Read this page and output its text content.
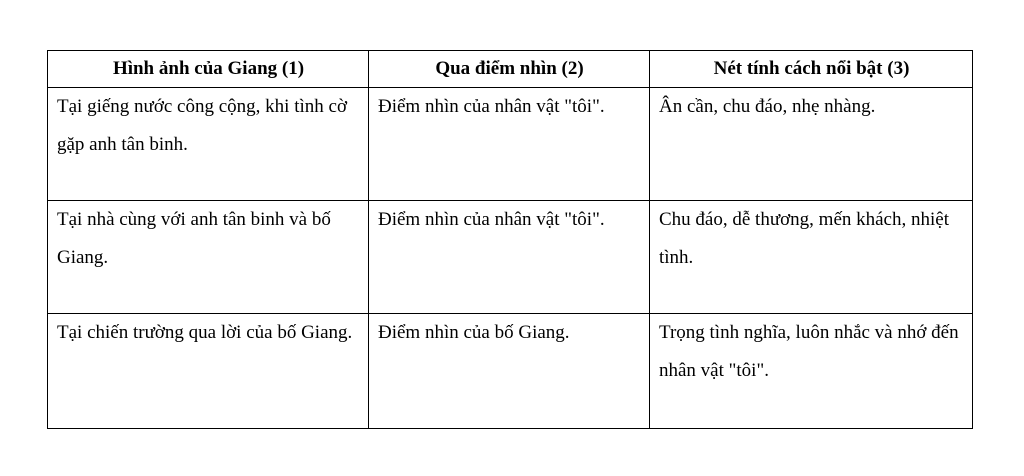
Hình ảnh của Giang (1)	Qua điểm nhìn (2)	Nét tính cách nổi bật (3)

Tại giếng nước công cộng, khi tình cờ gặp anh tân binh.	Điểm nhìn của nhân vật "tôi".	Ân cần, chu đáo, nhẹ nhàng.

Tại nhà cùng với anh tân binh và bố Giang.	Điểm nhìn của nhân vật "tôi".	Chu đáo, dễ thương, mến khách, nhiệt tình.

Tại chiến trường qua lời của bố Giang.	Điểm nhìn của bố Giang.	Trọng tình nghĩa, luôn nhắc và nhớ đến nhân vật "tôi".
